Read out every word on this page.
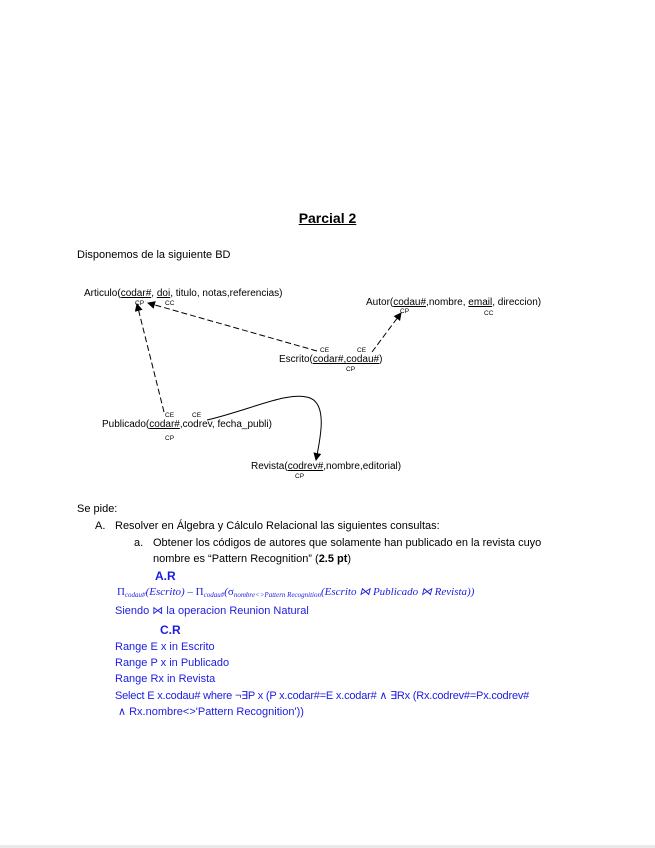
Parcial 2
Disponemos de la siguiente BD
Articulo(codar#, doi, titulo, notas,referencias)
CP	CC	Autor(codau#,nombre, email, direccion)
CP	CC
CE	CE
Escrito(codar#,codau#)
CP
CE	CE
Publicado(codar#,codrev, fecha_publi)
CP
Revista(codrev#,nombre,editorial)
CP
Se pide:
A. Resolver en Álgebra y Cálculo Relacional las siguientes consultas:
a. Obtener los códigos de autores que solamente han publicado en la revista cuyo
nombre es “Pattern Recognition” (2.5 pt)
A.R
$\Pi_{codau\#}(Escrito)$ – $\Pi_{codau\#}(\sigma_{nombre<>Pattern Recognition}(Escrito$ ⋈ Publicado ⋈ Revista))
Siendo ⋈ la operacion Reunion Natural
C.R
Range E x in Escrito
Range P x in Publicado
Range Rx in Revista
Select E x.codau# where ¬∃P x (P x.codar#=E x.codar# ∧ ∃Rx (Rx.codrev#=Px.codrev#
∧ Rx.nombre<>'Pattern Recognition'))
